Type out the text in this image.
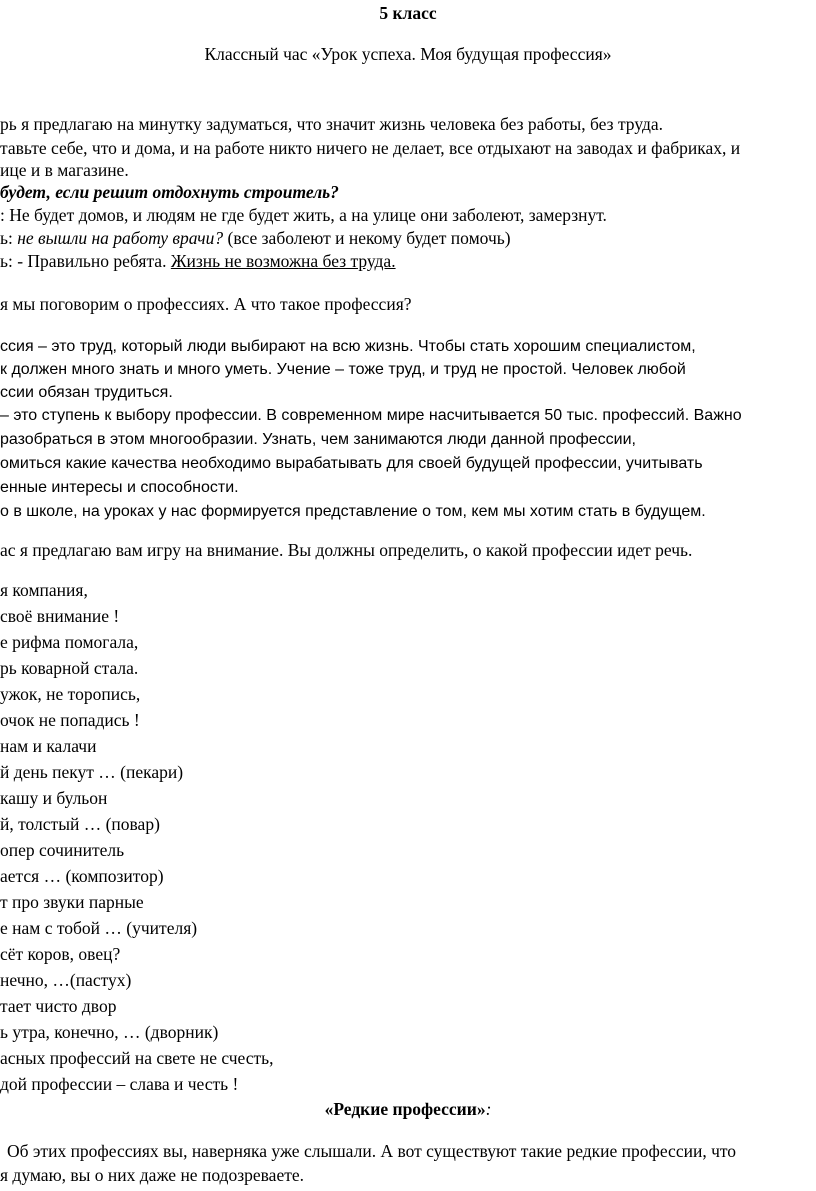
5 класс

Классный час «Урок успеха. Моя будущая профессия»

рь я предлагаю на минутку задуматься, что значит жизнь человека без работы, без труда.

тавьте себе, что и дома, и на работе никто ничего не делает, все отдыхают на заводах и фабриках, и

ице и в магазине.

будет, если решит отдохнуть строитель?

: Не будет домов, и людям не где будет жить, а на улице они заболеют, замерзнут.

ь: не вышли на работу врачи? (все заболеют и некому будет помочь)

ь: - Правильно ребята. Жизнь не возможна без труда.

я мы поговорим о профессиях. А что такое профессия?

ссия – это труд, который люди выбирают на всю жизнь. Чтобы стать хорошим специалистом,

к должен много знать и много уметь. Учение – тоже труд, и труд не простой. Человек любой

ссии обязан трудиться.

– это ступень к выбору профессии. В современном мире насчитывается 50 тыс. профессий. Важно

разобраться в этом многообразии. Узнать, чем занимаются люди данной профессии,

омиться какие качества необходимо вырабатывать для своей будущей профессии, учитывать

енные интересы и способности.

о в школе, на уроках у нас формируется представление о том, кем мы хотим стать в будущем.

ас я предлагаю вам игру на внимание. Вы должны определить, о какой профессии идет речь.

я компания,

своё внимание !

е рифма помогала,

рь коварной стала.

ужок, не торопись,

очок не попадись !

нам и калачи

й день пекут … (пекари)

кашу и бульон

й, толстый … (повар)

опер сочинитель

ается … (композитор)

т про звуки парные

е нам с тобой … (учителя)

сёт коров, овец?

нечно, …(пастух)

тает чисто двор

ь утра, конечно, … (дворник)

асных профессий на свете не счесть,

дой профессии – слава и честь !

«Редкие профессии»:

Об этих профессиях вы, наверняка уже слышали. А вот существуют такие редкие профессии, что

я думаю, вы о них даже не подозреваете.
